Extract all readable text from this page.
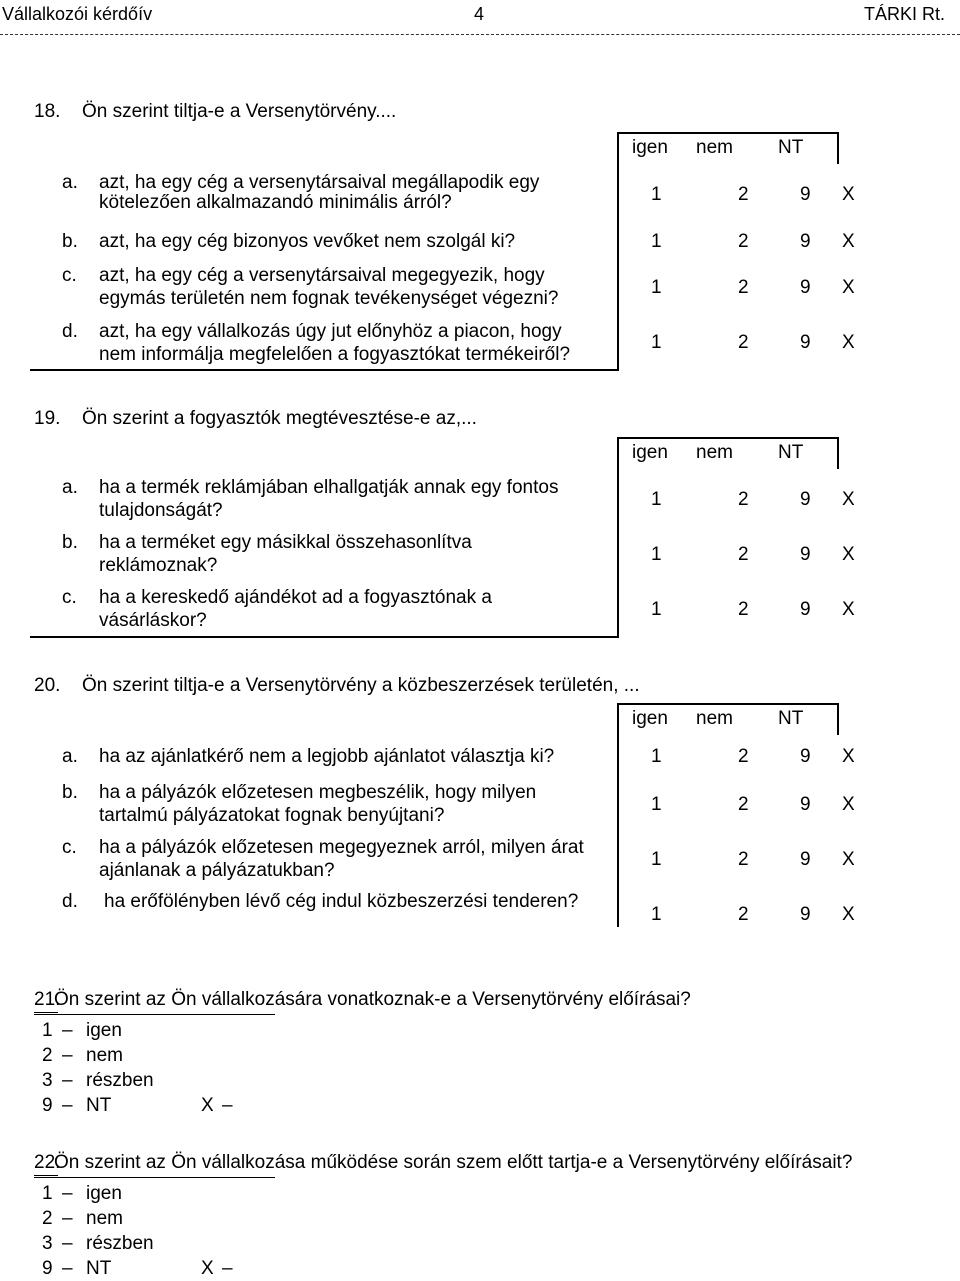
Vállalkozói kérdőív	4	TÁRKI Rt.
18. Ön szerint tiltja-e a Versenytörvény....
igen nem NT
a. azt, ha egy cég a versenytársaival megállapodik egy
kötelezően alkalmazandó minimális árról?	1	2	9 X
b. azt, ha egy cég bizonyos vevőket nem szolgál ki?	1	2	9 X
c. azt, ha egy cég a versenytársaival megegyezik, hogy
egymás területén nem fognak tevékenységet végezni?
1	2	9 X
d. azt, ha egy vállalkozás úgy jut előnyhöz a piacon, hogy
nem informálja megfelelően a fogyasztókat termékeiről?
1	2	9 X
19. Ön szerint a fogyasztók megtévesztése-e az,...
igen nem NT
a. ha a termék reklámjában elhallgatják annak egy fontos
tulajdonságát?
1	2	9 X
b. ha a terméket egy másikkal összehasonlítva
reklámoznak?
1	2	9 X
c. ha a kereskedő ajándékot ad a fogyasztónak a
vásárláskor?
1	2	9 X
20. Ön szerint tiltja-e a Versenytörvény a közbeszerzések területén, ...
igen nem NT
a. ha az ajánlatkérő nem a legjobb ajánlatot választja ki?	1	2	9 X
b. ha a pályázók előzetesen megbeszélik, hogy milyen
tartalmú pályázatokat fognak benyújtani?
1	2	9 X
c. ha a pályázók előzetesen megegyeznek arról, milyen árat
ajánlanak a pályázatukban?
1	2	9 X
d. ha erőfölényben lévő cég indul közbeszerzési tenderen?
1	2	9 X
21.
Ön szerint az Ön vállalkozására vonatkoznak-e a Versenytörvény előírásai?
1 – igen
2 – nem
3 – részben
9 – NT	X –
22.
Ön szerint az Ön vállalkozása működése során szem előtt tartja-e a Versenytörvény előírásait?
1 – igen
2 – nem
3 – részben
9 – NT	X –
